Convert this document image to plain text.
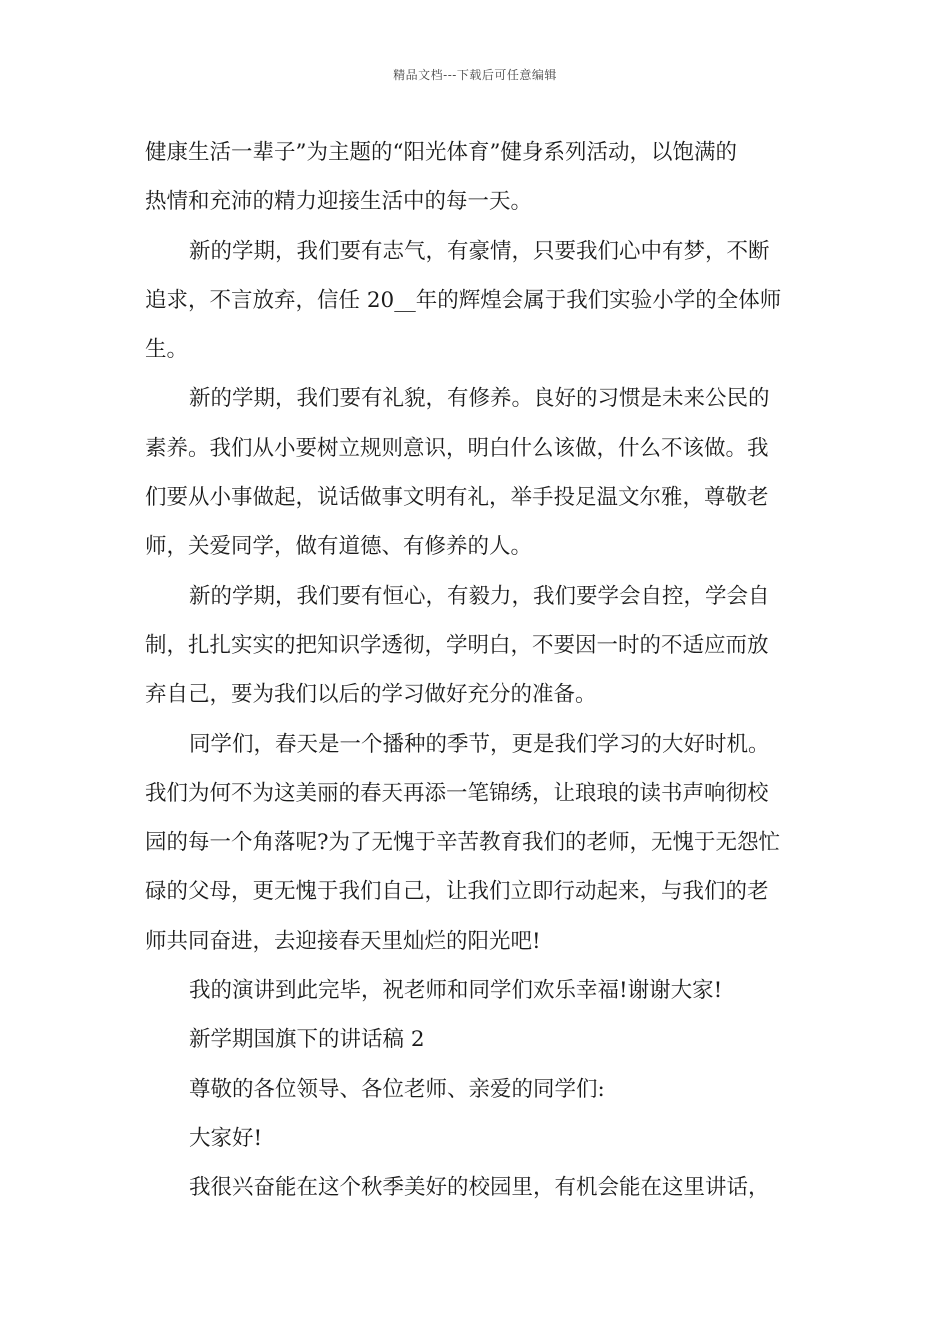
精品文档---下载后可任意编辑
健康生活一辈子”为主题的“阳光体育”健身系列活动，以饱满的
热情和充沛的精力迎接生活中的每一天。
新的学期，我们要有志气，有豪情，只要我们心中有梦，不断
追求，不言放弃，信任 20__年的辉煌会属于我们实验小学的全体师
生。
新的学期，我们要有礼貌，有修养。良好的习惯是未来公民的
素养。我们从小要树立规则意识，明白什么该做，什么不该做。我
们要从小事做起，说话做事文明有礼，举手投足温文尔雅，尊敬老
师，关爱同学，做有道德、有修养的人。
新的学期，我们要有恒心，有毅力，我们要学会自控，学会自
制，扎扎实实的把知识学透彻，学明白，不要因一时的不适应而放
弃自己，要为我们以后的学习做好充分的准备。
同学们，春天是一个播种的季节，更是我们学习的大好时机。
我们为何不为这美丽的春天再添一笔锦绣，让琅琅的读书声响彻校
园的每一个角落呢?为了无愧于辛苦教育我们的老师，无愧于无怨忙
碌的父母，更无愧于我们自己，让我们立即行动起来，与我们的老
师共同奋进，去迎接春天里灿烂的阳光吧!
我的演讲到此完毕，祝老师和同学们欢乐幸福!谢谢大家!
新学期国旗下的讲话稿 2
尊敬的各位领导、各位老师、亲爱的同学们:
大家好!
我很兴奋能在这个秋季美好的校园里，有机会能在这里讲话，
